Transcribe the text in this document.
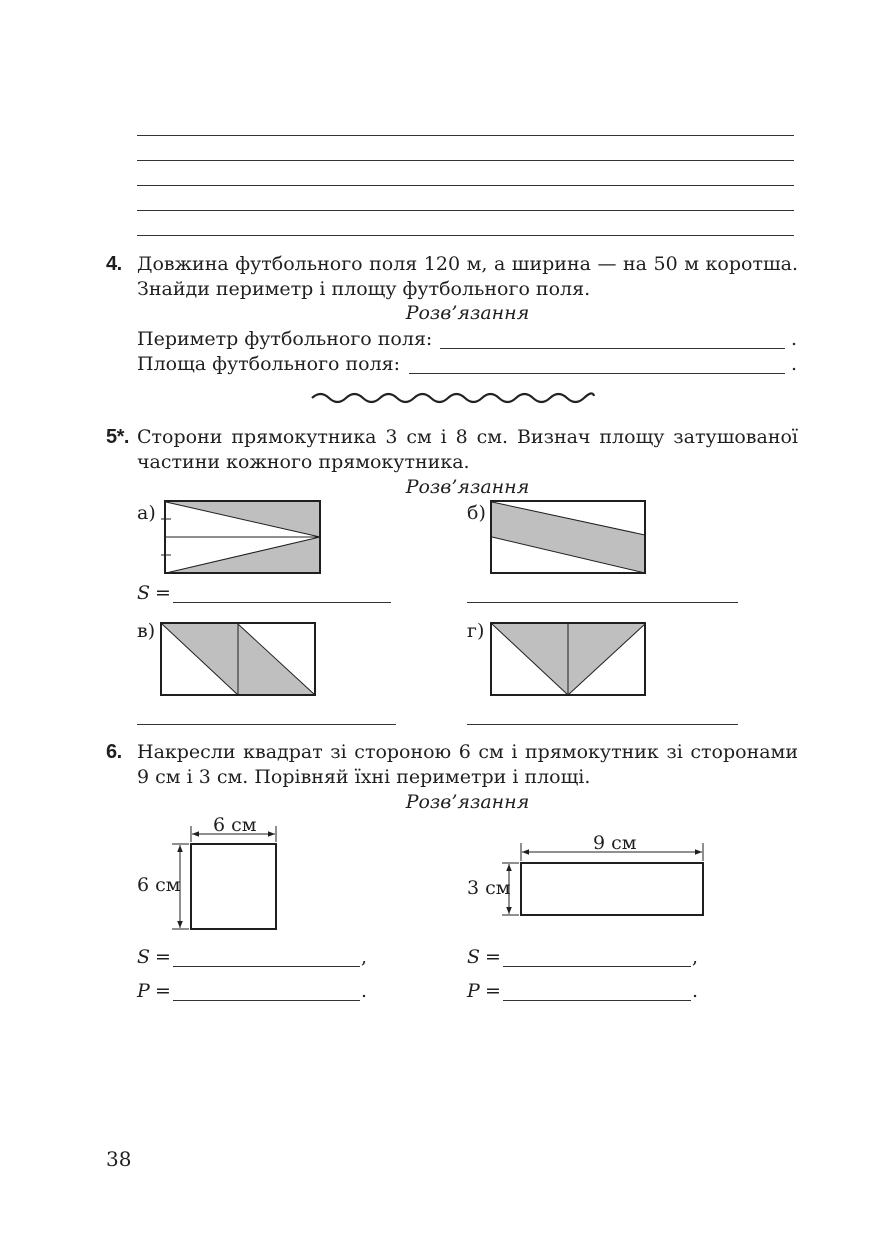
4. Довжина футбольного поля 120 м, а ширина — на 50 м коротша.
Знайди периметр і площу футбольного поля.
Розв’язання
Периметр футбольного поля:	.
Площа футбольного поля:	.
5*. Сторони прямокутника 3 см і 8 см. Визнач площу затушованої
частини кожного прямокутника.
Розв’язання
а)	б)
S =
в)	г)
6. Накресли квадрат зі стороною 6 см і прямокутник зі сторонами
9 см і 3 см. Порівняй їхні периметри і площі.
Розв’язання
6 см
6 см
9 см
3 см
S =	,	S =	,
P =	.	P =	.
38
